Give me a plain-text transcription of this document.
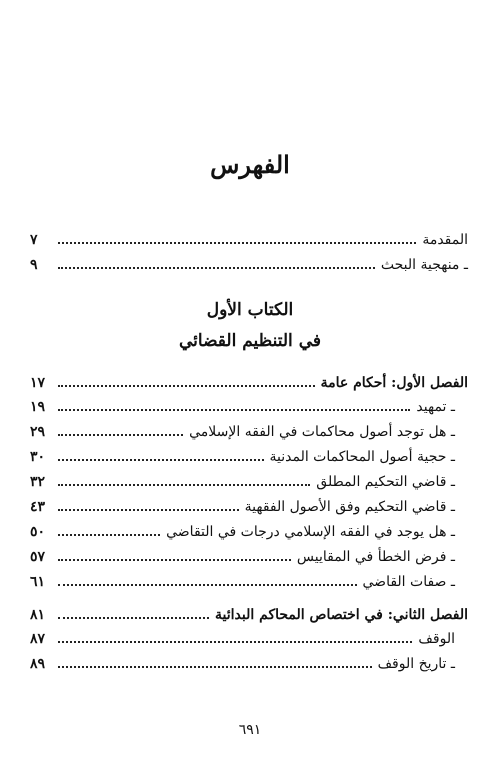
الفهرس
المقدمة
٧
ـ منهجية البحث
٩
الكتاب الأول
في التنظيم القضائي
الفصل الأول: أحكام عامة
١٧
ـ تمهيد
١٩
ـ هل توجد أصول محاكمات في الفقه الإسلامي
٢٩
ـ حجية أصول المحاكمات المدنية
٣٠
ـ قاضي التحكيم المطلق
٣٢
ـ قاضي التحكيم وفق الأصول الفقهية
٤٣
ـ هل يوجد في الفقه الإسلامي درجات في التقاضي
٥٠
ـ فرض الخطأ في المقاييس
٥٧
ـ صفات القاضي
٦١
الفصل الثاني: في اختصاص المحاكم البدائية
٨١
الوقف
٨٧
ـ تاريخ الوقف
٨٩
٦٩١
